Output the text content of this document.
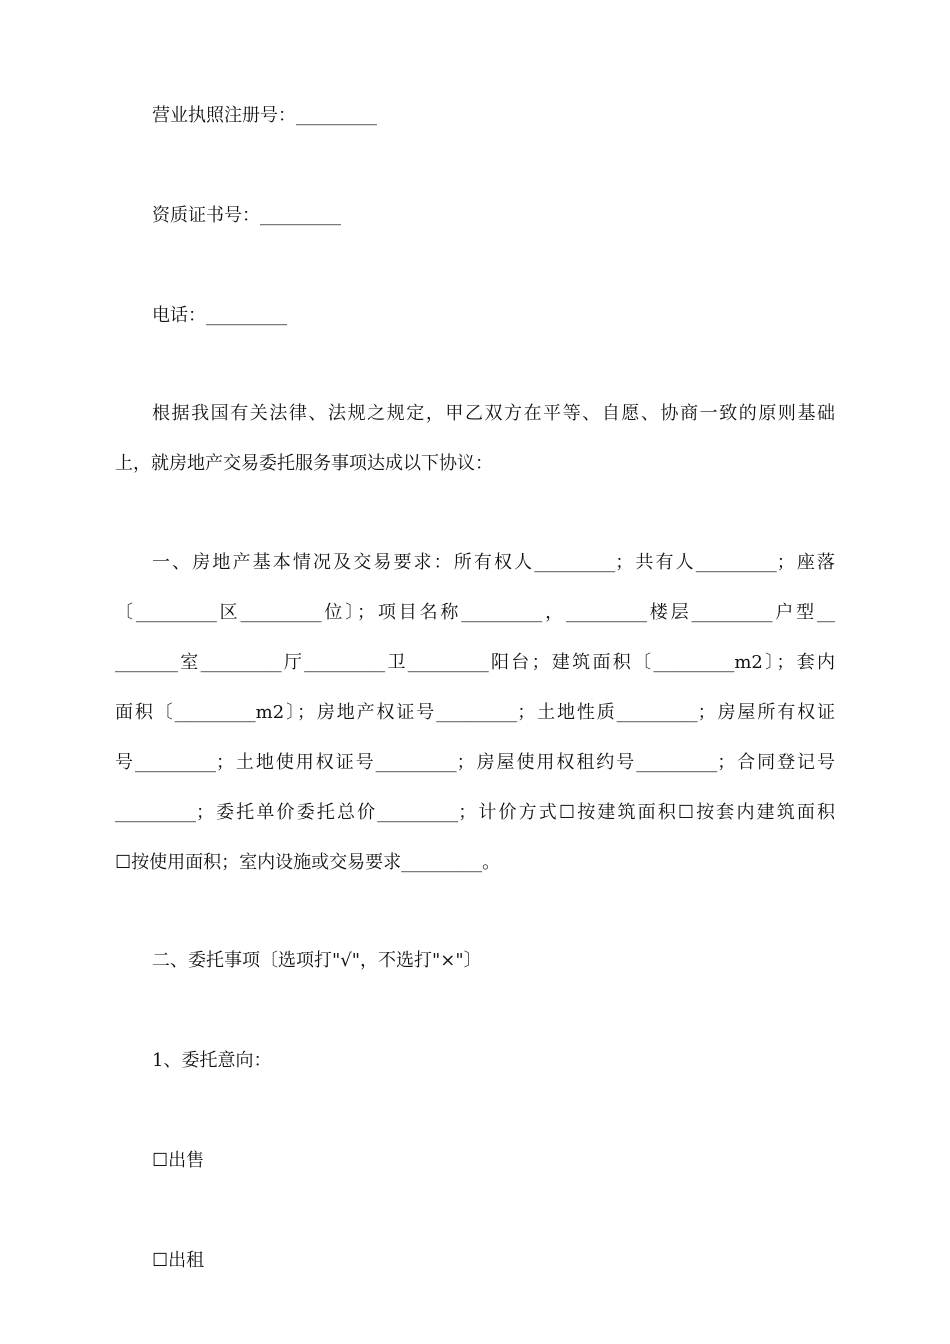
营业执照注册号：_________

资质证书号：_________

电话：_________

根据我国有关法律、法规之规定，甲乙双方在平等、自愿、协商一致的原则基础
上，就房地产交易委托服务事项达成以下协议：
一、房地产基本情况及交易要求：所有权人_________；共有人_________；座落
〔_________区_________位〕；项目名称_________，_________楼层_________户型__
_______室_________厅_________卫_________阳台；建筑面积〔_________m2〕；套内
面积〔_________m2〕；房地产权证号_________；土地性质_________；房屋所有权证
号_________；土地使用权证号_________；房屋使用权租约号_________；合同登记号
_________；委托单价委托总价_________；计价方式☐按建筑面积☐按套内建筑面积
☐按使用面积；室内设施或交易要求_________。

二、委托事项〔选项打"√"，不选打"×"〕

1、委托意向：

☐出售

☐出租
